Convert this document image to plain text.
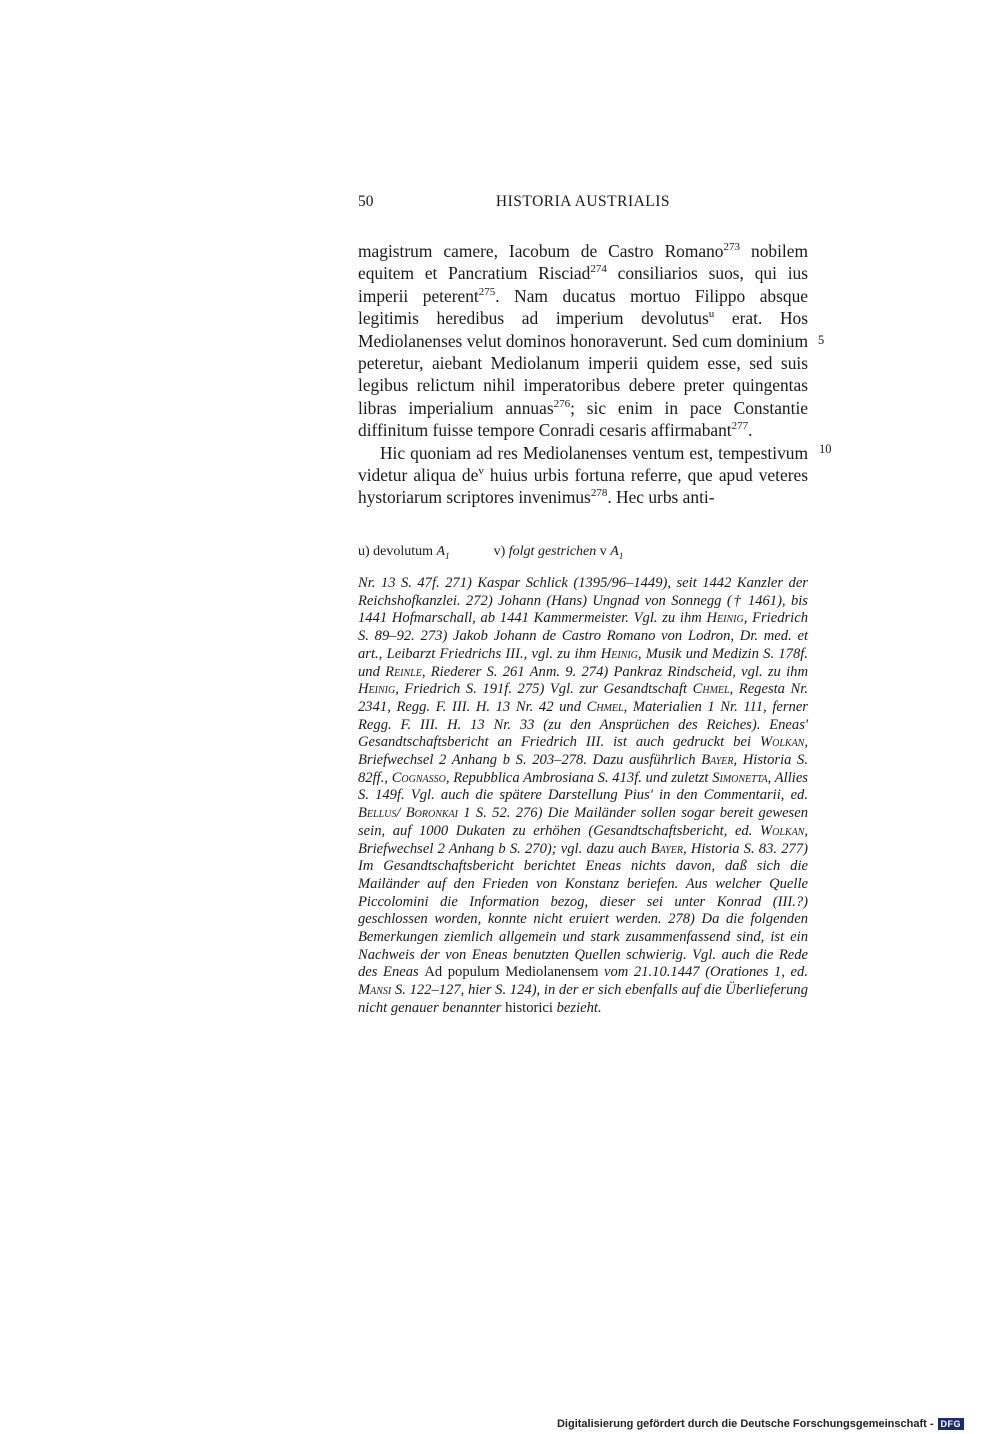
50	HISTORIA AUSTRIALIS

magistrum camere, Iacobum de Castro Romano$^{273}$ nobilem equitem et Pancratium Risciad$^{274}$ consiliarios suos, qui ius imperii peterent$^{275}$. Nam ducatus mortuo Filippo absque legitimis heredibus ad imperium devolutus$^u$ erat. Hos Mediolanenses velut dominos honoraverunt. Sed cum dominium peteretur, aiebant Mediolanum imperii quidem esse, sed suis legibus relictum nihil imperatoribus debere preter quingentas libras imperialium annuas$^{276}$; sic enim in pace Constantie diffinitum fuisse tempore Conradi cesaris affirmabant$^{277}$.

Hic quoniam ad res Mediolanenses ventum est, tempestivum videtur aliqua $de^v$ huius urbis fortuna referre, que apud veteres hystoriarum scriptores invenimus$^{278}$. Hec urbs anti-

5
10
u) devolutum $A_1$	v) folgt gestrichen v $A_1$

Nr. 13 S. 47f. 271) Kaspar Schlick (1395/96–1449), seit 1442 Kanzler der Reichshofkanzlei. 272) Johann (Hans) Ungnad von Sonnegg († 1461), bis 1441 Hofmarschall, ab 1441 Kammermeister. Vgl. zu ihm Heinig, Friedrich S. 89–92. 273) Jakob Johann de Castro Romano von Lodron, Dr. med. et art., Leibarzt Friedrichs III., vgl. zu ihm Heinig, Musik und Medizin S. 178f. und Reinle, Riederer S. 261 Anm. 9. 274) Pankraz Rindscheid, vgl. zu ihm Heinig, Friedrich S. 191f. 275) Vgl. zur Gesandtschaft Chmel, Regesta Nr. 2341, Regg. F. III. H. 13 Nr. 42 und Chmel, Materialien 1 Nr. 111, ferner Regg. F. III. H. 13 Nr. 33 (zu den Ansprüchen des Reiches). Eneas' Gesandtschaftsbericht an Friedrich III. ist auch gedruckt bei Wolkan, Briefwechsel 2 Anhang b S. 203–278. Dazu ausführlich Bayer, Historia S. 82ff., Cognasso, Repubblica Ambrosiana S. 413f. und zuletzt Simonetta, Allies S. 149f. Vgl. auch die spätere Darstellung Pius' in den Commentarii, ed. Bellus/ Boronkai 1 S. 52. 276) Die Mailänder sollen sogar bereit gewesen sein, auf 1000 Dukaten zu erhöhen (Gesandtschaftsbericht, ed. Wolkan, Briefwechsel 2 Anhang b S. 270); vgl. dazu auch Bayer, Historia S. 83. 277) Im Gesandtschaftsbericht berichtet Eneas nichts davon, daß sich die Mailänder auf den Frieden von Konstanz beriefen. Aus welcher Quelle Piccolomini die Information bezog, dieser sei unter Konrad (III.?) geschlossen worden, konnte nicht eruiert werden. 278) Da die folgenden Bemerkungen ziemlich allgemein und stark zusammenfassend sind, ist ein Nachweis der von Eneas benutzten Quellen schwierig. Vgl. auch die Rede des Eneas Ad populum Mediolanensem vom 21.10.1447 (Orationes 1, ed. Mansi S. 122–127, hier S. 124), in der er sich ebenfalls auf die Überlieferung nicht genauer benannter historici bezieht.

Digitalisierung gefördert durch die Deutsche Forschungsgemeinschaft - DFG
